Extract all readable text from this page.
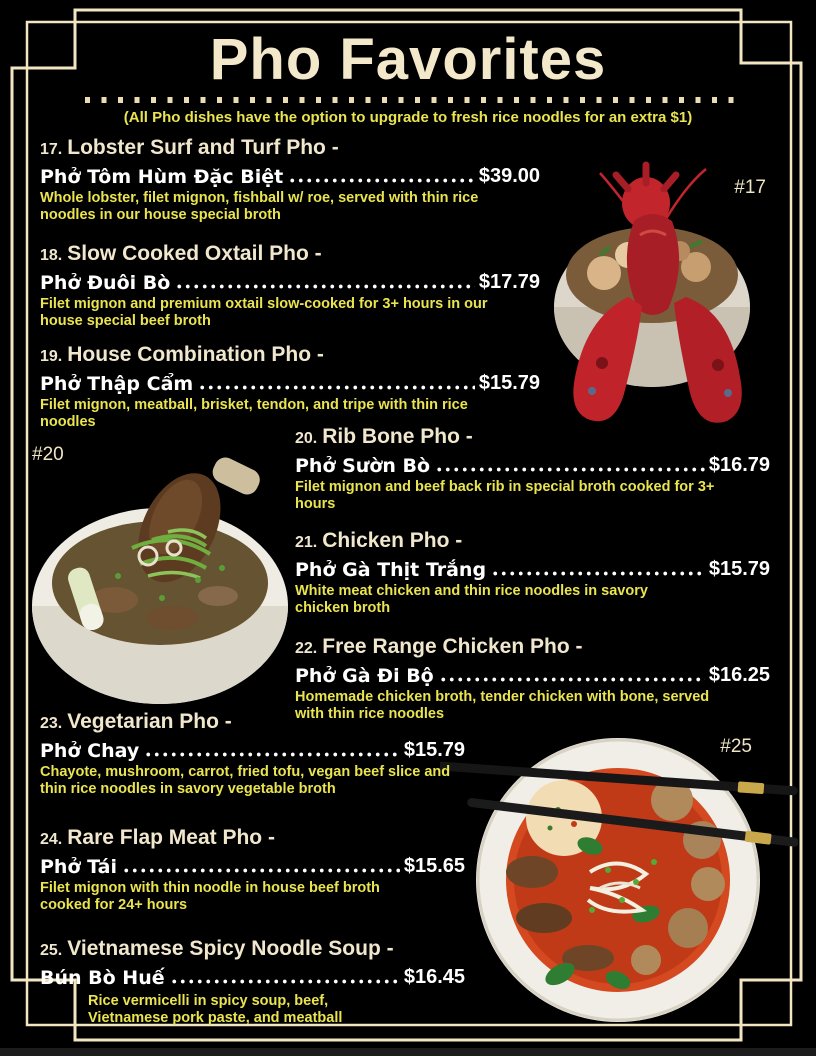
Pho Favorites
(All Pho dishes have the option to upgrade to fresh rice noodles for an extra $1)
17. Lobster Surf and Turf Pho -
Phở Tôm Hùm Đặc Biệt	$39.00
Whole lobster, filet mignon, fishball w/ roe, served with thin rice noodles in our house special broth
18. Slow Cooked Oxtail Pho -
Phở Đuôi Bò	$17.79
Filet mignon and premium oxtail slow-cooked for 3+ hours in our house special beef broth
19. House Combination Pho -
Phở Thập Cẩm	$15.79
Filet mignon, meatball, brisket, tendon, and tripe with thin rice noodles
20. Rib Bone Pho -
Phở Sườn Bò	$16.79
Filet mignon and beef back rib in special broth cooked for 3+ hours
21. Chicken Pho -
Phở Gà Thịt Trắng	$15.79
White meat chicken and thin rice noodles in savory chicken broth
22. Free Range Chicken Pho -
Phở Gà Đi Bộ	$16.25
Homemade chicken broth, tender chicken with bone, served with thin rice noodles
23. Vegetarian Pho -
Phở Chay	$15.79
Chayote, mushroom, carrot, fried tofu, vegan beef slice and thin rice noodles in savory vegetable broth
24. Rare Flap Meat Pho -
Phở Tái	$15.65
Filet mignon with thin noodle in house beef broth cooked for 24+ hours
25. Vietnamese Spicy Noodle Soup -
Bún Bò Huế	$16.45
Rice vermicelli in spicy soup, beef, Vietnamese pork paste, and meatball
#17
#20
#25
